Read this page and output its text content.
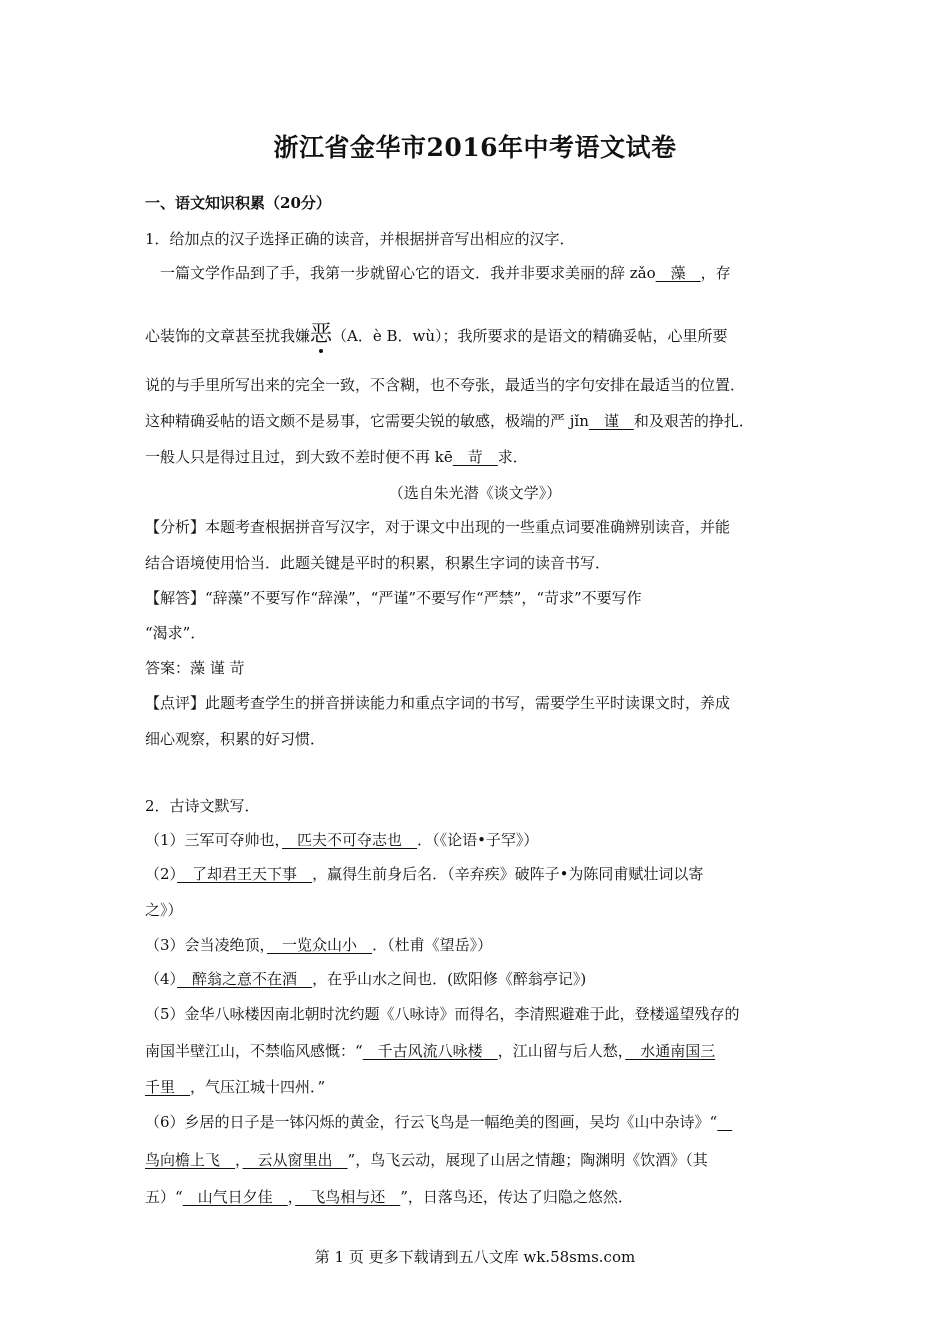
浙江省金华市2016年中考语文试卷
一、语文知识积累（20分）
1．给加点的汉子选择正确的读音，并根据拼音写出相应的汉字．
一篇文学作品到了手，我第一步就留心它的语文．我并非要求美丽的辞 zǎo　藻　，存
心装饰的文章甚至扰我嫌恶
（A．è B．wù）；我所要求的是语文的精确妥帖，心里所要
说的与手里所写出来的完全一致，不含糊，也不夸张，最适当的字句安排在最适当的位置．
这种精确妥帖的语文颇不是易事，它需要尖锐的敏感，极端的严 jǐn　谨　和及艰苦的挣扎．
一般人只是得过且过，到大致不差时便不再 kē　苛　求．
（选自朱光潜《谈文学》）
【分析】本题考查根据拼音写汉字，对于课文中出现的一些重点词要准确辨别读音，并能
结合语境使用恰当．此题关键是平时的积累，积累生字词的读音书写．
【解答】“辞藻”不要写作“辞澡”，“严谨”不要写作“严禁”，“苛求”不要写作
“渴求”．
答案：藻 谨 苛
【点评】此题考查学生的拼音拼读能力和重点字词的书写，需要学生平时读课文时，养成
细心观察，积累的好习惯．
2．古诗文默写．
（1）三军可夺帅也，　匹夫不可夺志也　．（《论语•子罕》）
（2）　了却君王天下事　，赢得生前身后名．（辛弃疾》破阵子•为陈同甫赋壮词以寄
之》）
（3）会当凌绝顶，　一览众山小　．（杜甫《望岳》）
（4）　醉翁之意不在酒　，在乎山水之间也．(欧阳修《醉翁亭记》)
（5）金华八咏楼因南北朝时沈约题《八咏诗》而得名，李清熙避难于此，登楼遥望残存的
南国半壁江山，不禁临风感慨：“　千古风流八咏楼　，江山留与后人愁，　水通南国三
千里　，气压江城十四州．”
（6）乡居的日子是一钵闪烁的黄金，行云飞鸟是一幅绝美的图画，吴均《山中杂诗》“　
鸟向檐上飞　，　云从窗里出　”，鸟飞云动，展现了山居之情趣；陶渊明《饮酒》（其
五）“　山气日夕佳　，　飞鸟相与还　”，日落鸟还，传达了归隐之悠然．
第 1 页 更多下载请到五八文库 wk.58sms.com
